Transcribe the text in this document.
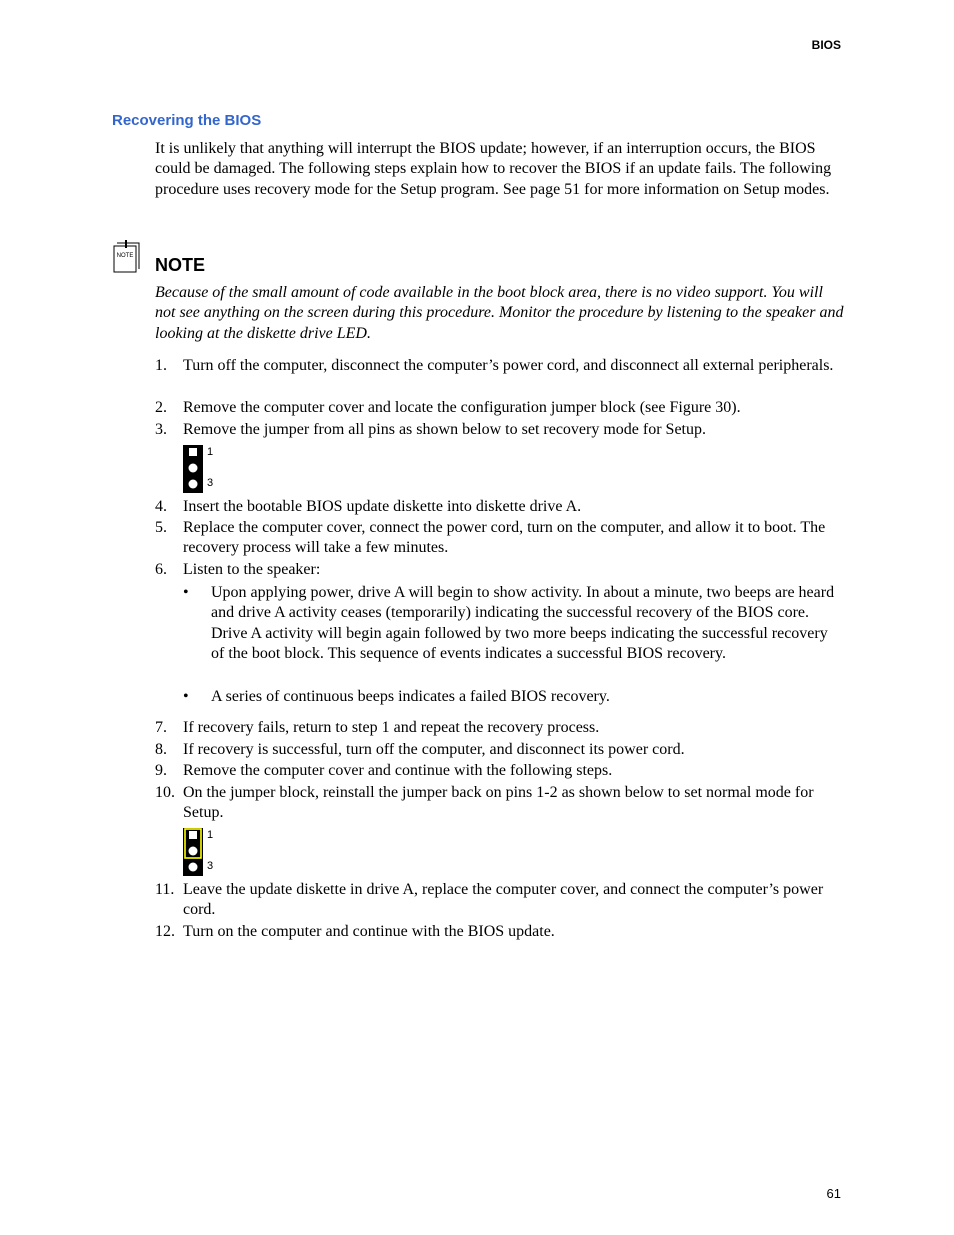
BIOS
Recovering the BIOS

It is unlikely that anything will interrupt the BIOS update; however, if an interruption occurs, the BIOS could be damaged. The following steps explain how to recover the BIOS if an update fails. The following procedure uses recovery mode for the Setup program. See page 51 for more information on Setup modes.

NOTE NOTE

Because of the small amount of code available in the boot block area, there is no video support. You will not see anything on the screen during this procedure. Monitor the procedure by listening to the speaker and looking at the diskette drive LED.

1. Turn off the computer, disconnect the computer’s power cord, and disconnect all external peripherals.
2. Remove the computer cover and locate the configuration jumper block (see Figure 30).
3. Remove the jumper from all pins as shown below to set recovery mode for Setup.
1
3
4. Insert the bootable BIOS update diskette into diskette drive A.
5. Replace the computer cover, connect the power cord, turn on the computer, and allow it to boot. The recovery process will take a few minutes.
6. Listen to the speaker:
• Upon applying power, drive A will begin to show activity. In about a minute, two beeps are heard and drive A activity ceases (temporarily) indicating the successful recovery of the BIOS core. Drive A activity will begin again followed by two more beeps indicating the successful recovery of the boot block. This sequence of events indicates a successful BIOS recovery.
• A series of continuous beeps indicates a failed BIOS recovery.
7. If recovery fails, return to step 1 and repeat the recovery process.
8. If recovery is successful, turn off the computer, and disconnect its power cord.
9. Remove the computer cover and continue with the following steps.
10. On the jumper block, reinstall the jumper back on pins 1-2 as shown below to set normal mode for Setup.
1
3
11. Leave the update diskette in drive A, replace the computer cover, and connect the computer’s power cord.
12. Turn on the computer and continue with the BIOS update.
61
